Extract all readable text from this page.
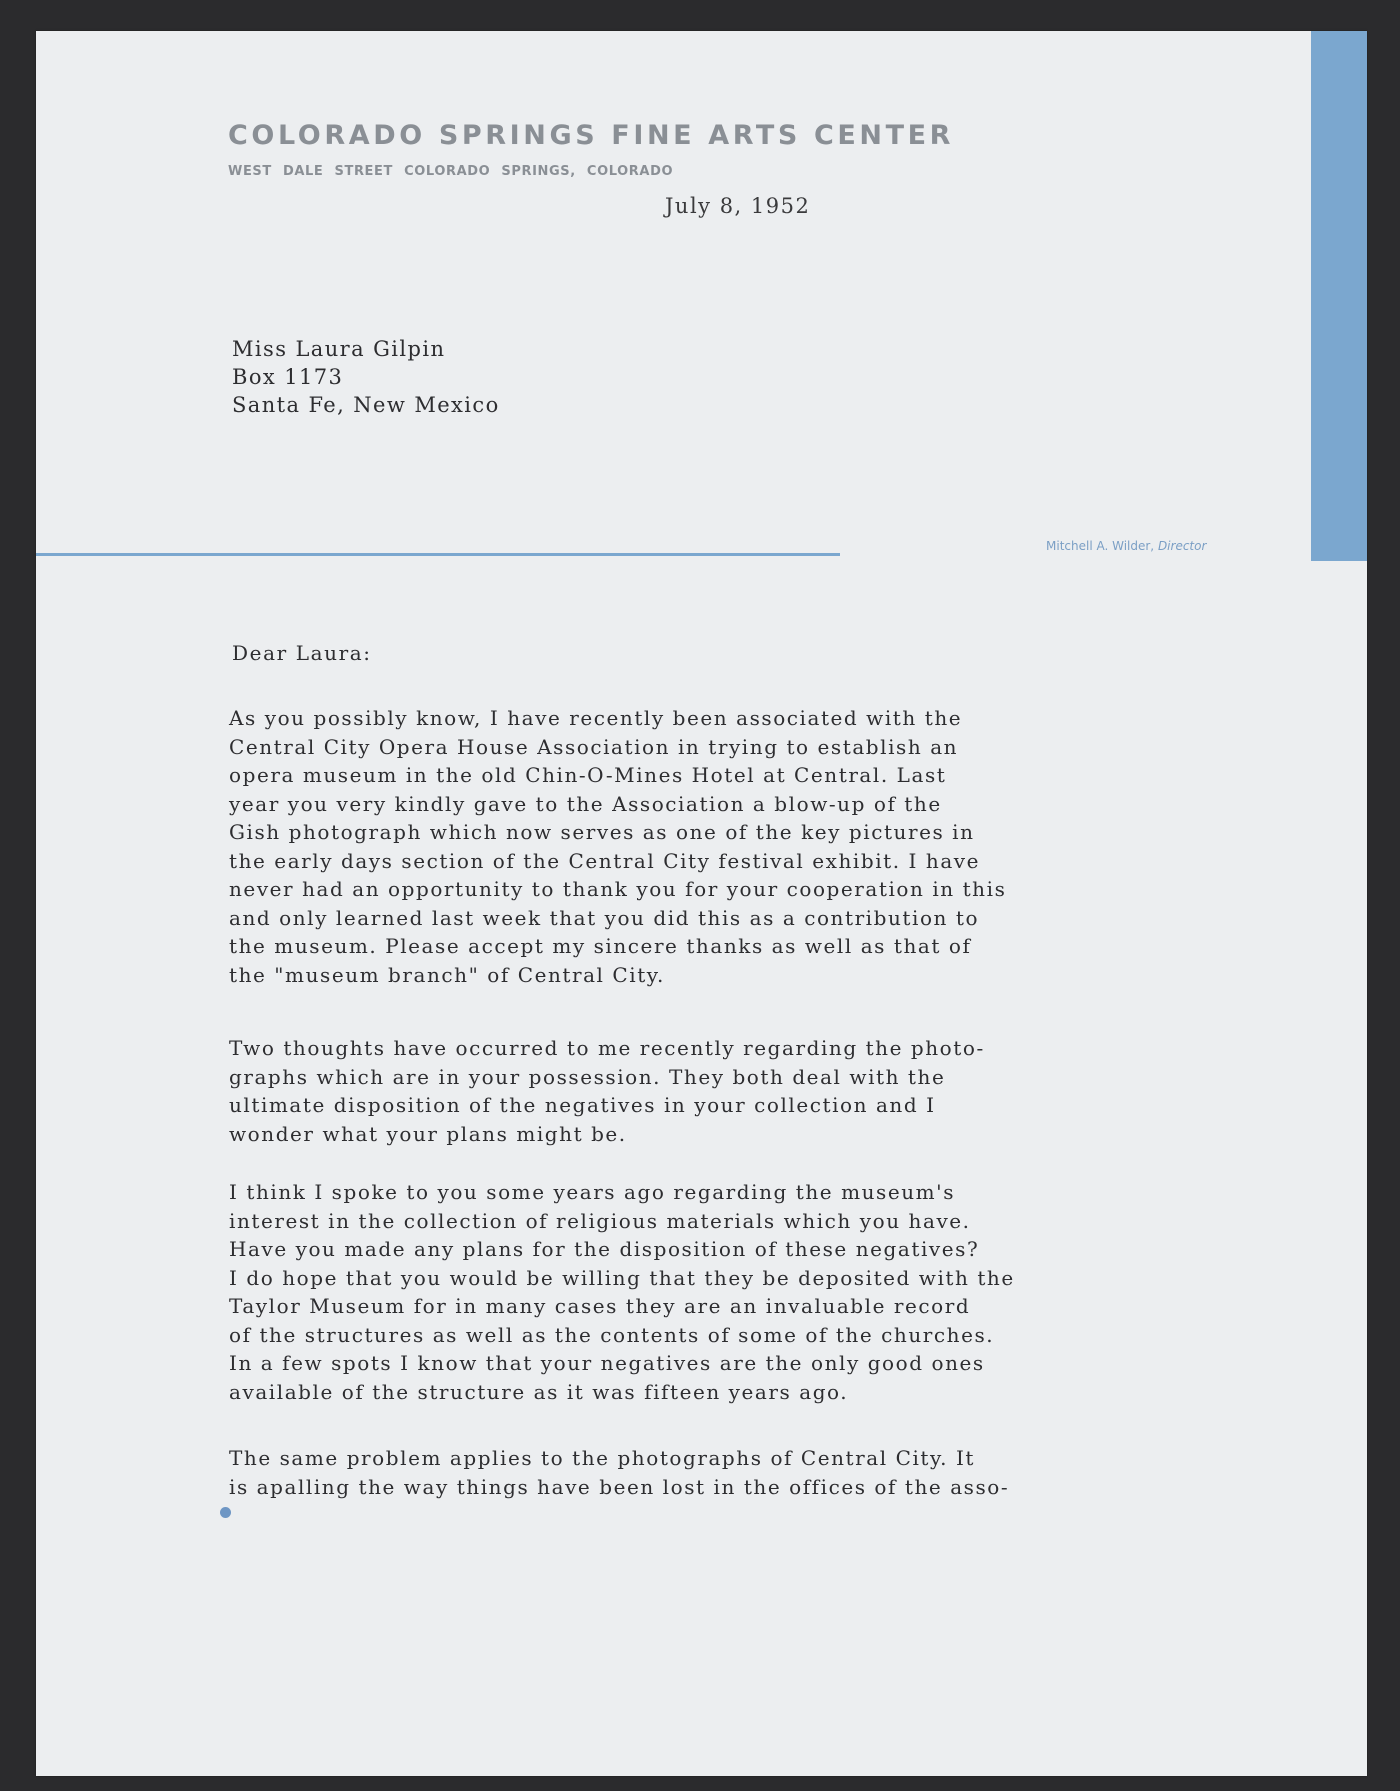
COLORADO SPRINGS FINE ARTS CENTER
WEST DALE STREET COLORADO SPRINGS, COLORADO
July 8, 1952
Miss Laura Gilpin
Box 1173
Santa Fe, New Mexico
Mitchell A. Wilder, Director
Dear Laura:
As you possibly know, I have recently been associated with the
Central City Opera House Association in trying to establish an
opera museum in the old Chin-O-Mines Hotel at Central. Last
year you very kindly gave to the Association a blow-up of the
Gish photograph which now serves as one of the key pictures in
the early days section of the Central City festival exhibit. I have
never had an opportunity to thank you for your cooperation in this
and only learned last week that you did this as a contribution to
the museum. Please accept my sincere thanks as well as that of
the "museum branch" of Central City.
Two thoughts have occurred to me recently regarding the photo-
graphs which are in your possession. They both deal with the
ultimate disposition of the negatives in your collection and I
wonder what your plans might be.
I think I spoke to you some years ago regarding the museum's
interest in the collection of religious materials which you have.
Have you made any plans for the disposition of these negatives?
I do hope that you would be willing that they be deposited with the
Taylor Museum for in many cases they are an invaluable record
of the structures as well as the contents of some of the churches.
In a few spots I know that your negatives are the only good ones
available of the structure as it was fifteen years ago.
The same problem applies to the photographs of Central City. It
is apalling the way things have been lost in the offices of the asso-
